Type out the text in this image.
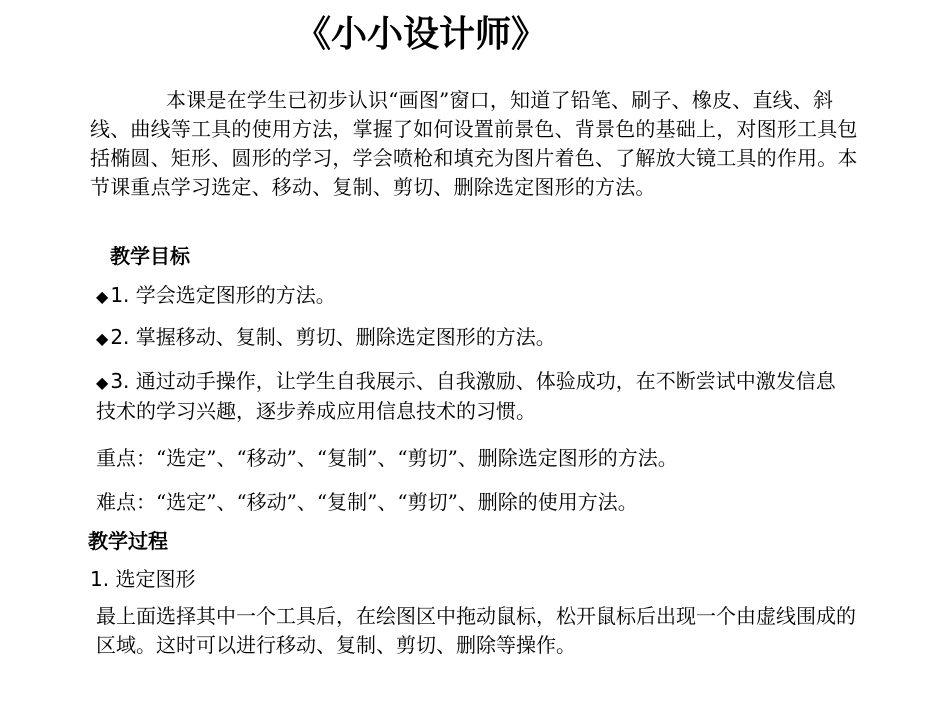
《小小设计师》
本课是在学生已初步认识“画图”窗口，知道了铅笔、刷子、橡皮、直线、斜线、曲线等工具的使用方法，掌握了如何设置前景色、背景色的基础上，对图形工具包括椭圆、矩形、圆形的学习，学会喷枪和填充为图片着色、了解放大镜工具的作用。本节课重点学习选定、移动、复制、剪切、删除选定图形的方法。
教学目标
◆ 1. 学会选定图形的方法。
◆ 2. 掌握移动、复制、剪切、删除选定图形的方法。
◆ 3. 通过动手操作，让学生自我展示、自我激励、体验成功，在不断尝试中激发信息技术的学习兴趣，逐步养成应用信息技术的习惯。
重点：“选定”、“移动”、“复制”、“剪切”、删除选定图形的方法。
难点：“选定”、“移动”、“复制”、“剪切”、删除的使用方法。
教学过程
1. 选定图形
最上面选择其中一个工具后，在绘图区中拖动鼠标，松开鼠标后出现一个由虚线围成的区域。这时可以进行移动、复制、剪切、删除等操作。
